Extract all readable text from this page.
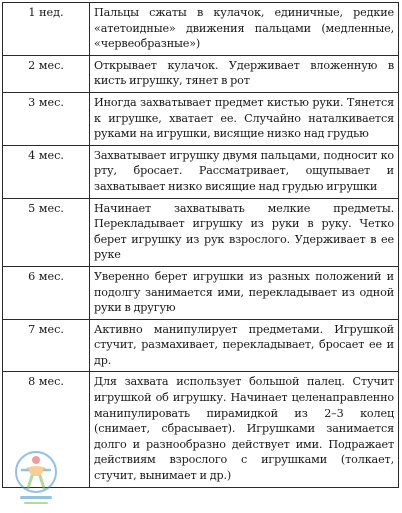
1 нед.	Пальцы сжаты в кулачок, единичные, редкие «атетоидные» движения пальцами (медленные, «червеобразные»)
2 мес.	Открывает кулачок. Удерживает вложенную в кисть игрушку, тянет в рот
3 мес.	Иногда захватывает предмет кистью руки. Тянется к игрушке, хватает ее. Случайно наталкивается руками на игрушки, висящие низко над грудью
4 мес.	Захватывает игрушку двумя пальцами, подносит ко рту, бросает. Рассматривает, ощупывает и захватывает низко висящие над грудью игрушки
5 мес.	Начинает захватывать мелкие предметы. Перекладывает игрушку из руки в руку. Четко берет игрушку из рук взрослого. Удерживает в ее руке
6 мес.	Уверенно берет игрушки из разных положений и подолгу занимается ими, перекладывает из одной руки в другую
7 мес.	Активно манипулирует предметами. Игрушкой стучит, размахивает, перекладывает, бросает ее и др.
8 мес.	Для захвата использует большой палец. Стучит игрушкой об игрушку. Начинает целенаправленно манипулировать пирамидкой из 2–3 колец (снимает, сбрасывает). Игрушками занимается долго и разнообразно действует ими. Подражает действиям взрослого с игрушками (толкает, стучит, вынимает и др.)
